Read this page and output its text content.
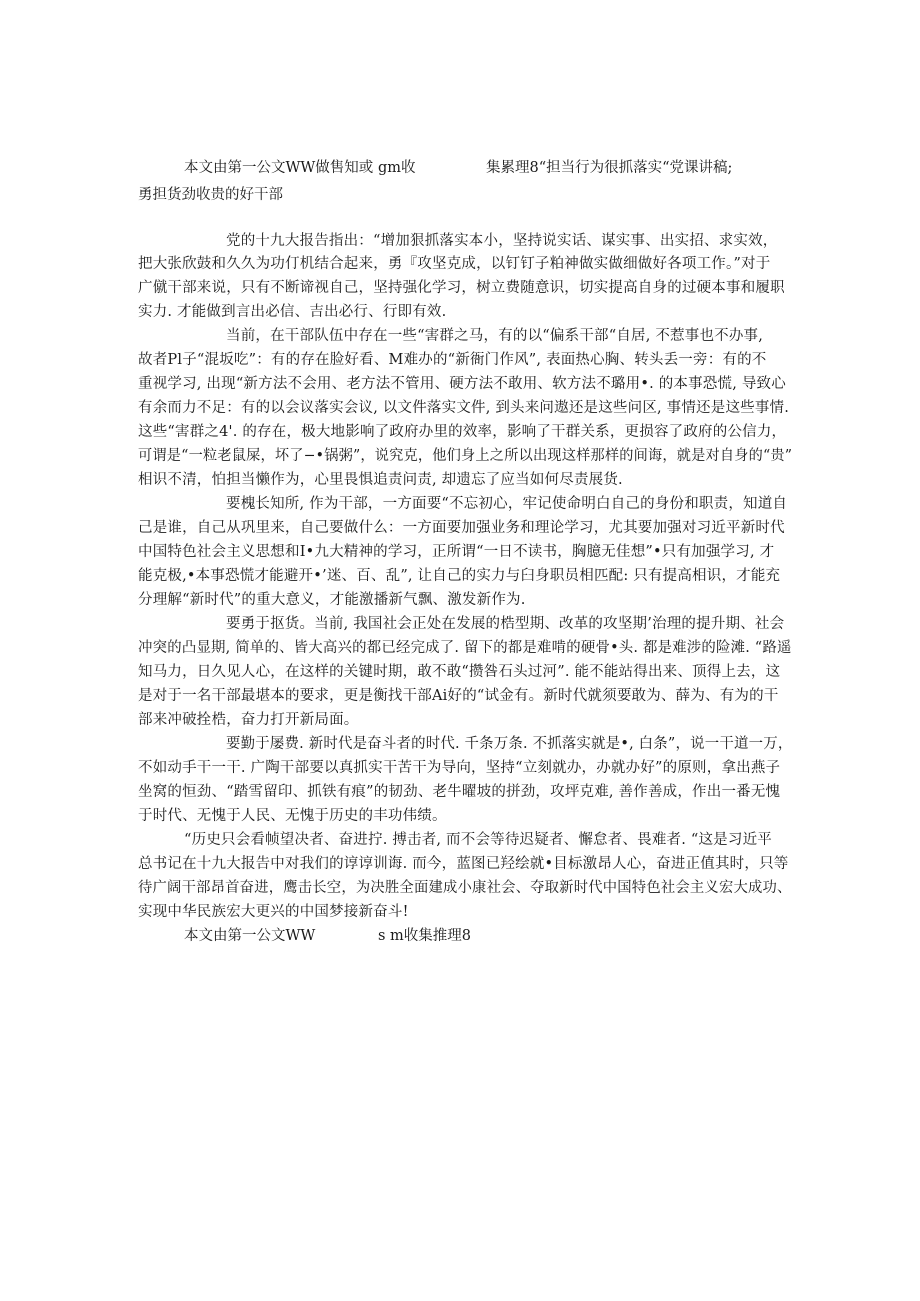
本文由第一公文WW做售知或 gm收	集累理8“担当行为很抓落实“党课讲稿;
勇担货劲收贵的好干部
党的十九大报告指出：“增加狠抓落实本小，坚持说实话、谋实事、出实招、求实效，
把大张欣鼓和久久为功仃机结合起来，勇『攻坚克成，以钉钉子粕神做实做细做好各项工作。”对于
广僦干部来说，只有不断谛视自己，坚持强化学习，树立费随意识，切实提高自身的过硬本事和履职
实力. 才能做到言出必信、吉出必行、行即有效.
当前，在干部队伍中存在一些“害群之马，有的以“偏系干部“自居, 不惹事也不办事,
故者Pl子“混坂吃”：有的存在脸好看、M难办的“新衙门作风”, 表面热心胸、转头丢一旁：有的不
重视学习, 出现“新方法不会用、老方法不管用、硬方法不敢用、软方法不璐用•. 的本事恐慌, 导致心
有余而力不足：有的以会议落实会议, 以文件落实文件, 到头来问遨还是这些问区, 事情还是这些事情.
这些“害群之4'. 的存在，极大地影响了政府办里的效率，影响了干群关系，更损容了政府的公信力，
可谓是“一粒老鼠屎，坏了−•锅粥”，说究克，他们身上之所以出现这样那样的间诲，就是对自身的“贵”
相识不清，怕担当懒作为，心里畏惧追责问责, 却遗忘了应当如何尽责展货.
要槐长知所, 作为干部，一方面要“不忘初心，牢记使命明白自己的身份和职责，知道自
己是谁，自己从巩里来，自己要做什么：一方面要加强业务和理论学习，尤其要加强对习近平新时代
中国特色社会主义思想和I•九大精神的学习，正所谓“一日不读书，胸臆无佳想”•只有加强学习, 才
能克极,•本事恐慌才能避开•’迷、百、乱”, 让自己的实力与臼身职员相匹配: 只有提高相识，才能充
分理解“新时代”的重大意义，才能激播新气飘、激发新作为.
要勇于抠货。当前, 我国社会正处在发展的梏型期、改革的攻坚期’治理的提升期、社会
冲突的凸显期, 简单的、皆大高兴的都已经完成了. 留下的都是难啃的硬骨•头. 都是难涉的险滩. “路遥
知马力，日久见人心，在这样的关键时期，敢不敢“攒咎石头过河”. 能不能站得出来、顶得上去，这
是对于一名干部最堪本的要求，更是衡找干部Ai好的“试金有。新时代就须要敢为、薛为、有为的干
部来冲破拴梏，奋力打开新局面。
要勤于屡费. 新时代是奋斗者的时代. 千条万条. 不抓落实就是•, 白条”，说一干道一万，
不如动手干一干. 广陶干部要以真抓实干苦干为导向，坚持“立刻就办，办就办好”的原则，拿出燕子
坐窝的恒劲、“踏雪留印、抓铁有痕”的韧劲、老牛曜坡的拼劲，攻坪克难, 善作善成，作出一番无愧
于时代、无愧于人民、无愧于历史的丰功伟绩。
“历史只会看帧望决者、奋进拧. 搏击者, 而不会等待迟疑者、懈怠者、畏难者. “这是习近平
总书记在十九大报告中对我们的谆谆训诲. 而今，蓝图已羟绘就•目标激昂人心，奋进正值其时，只等
待广阔干部昂首奋进，鹰击长空，为决胜全面建成小康社会、夺取新时代中国特色社会主义宏大成功、
实现中华民族宏大更兴的中国梦接新奋斗!
本文由第一公文WW	s m收集推理8
